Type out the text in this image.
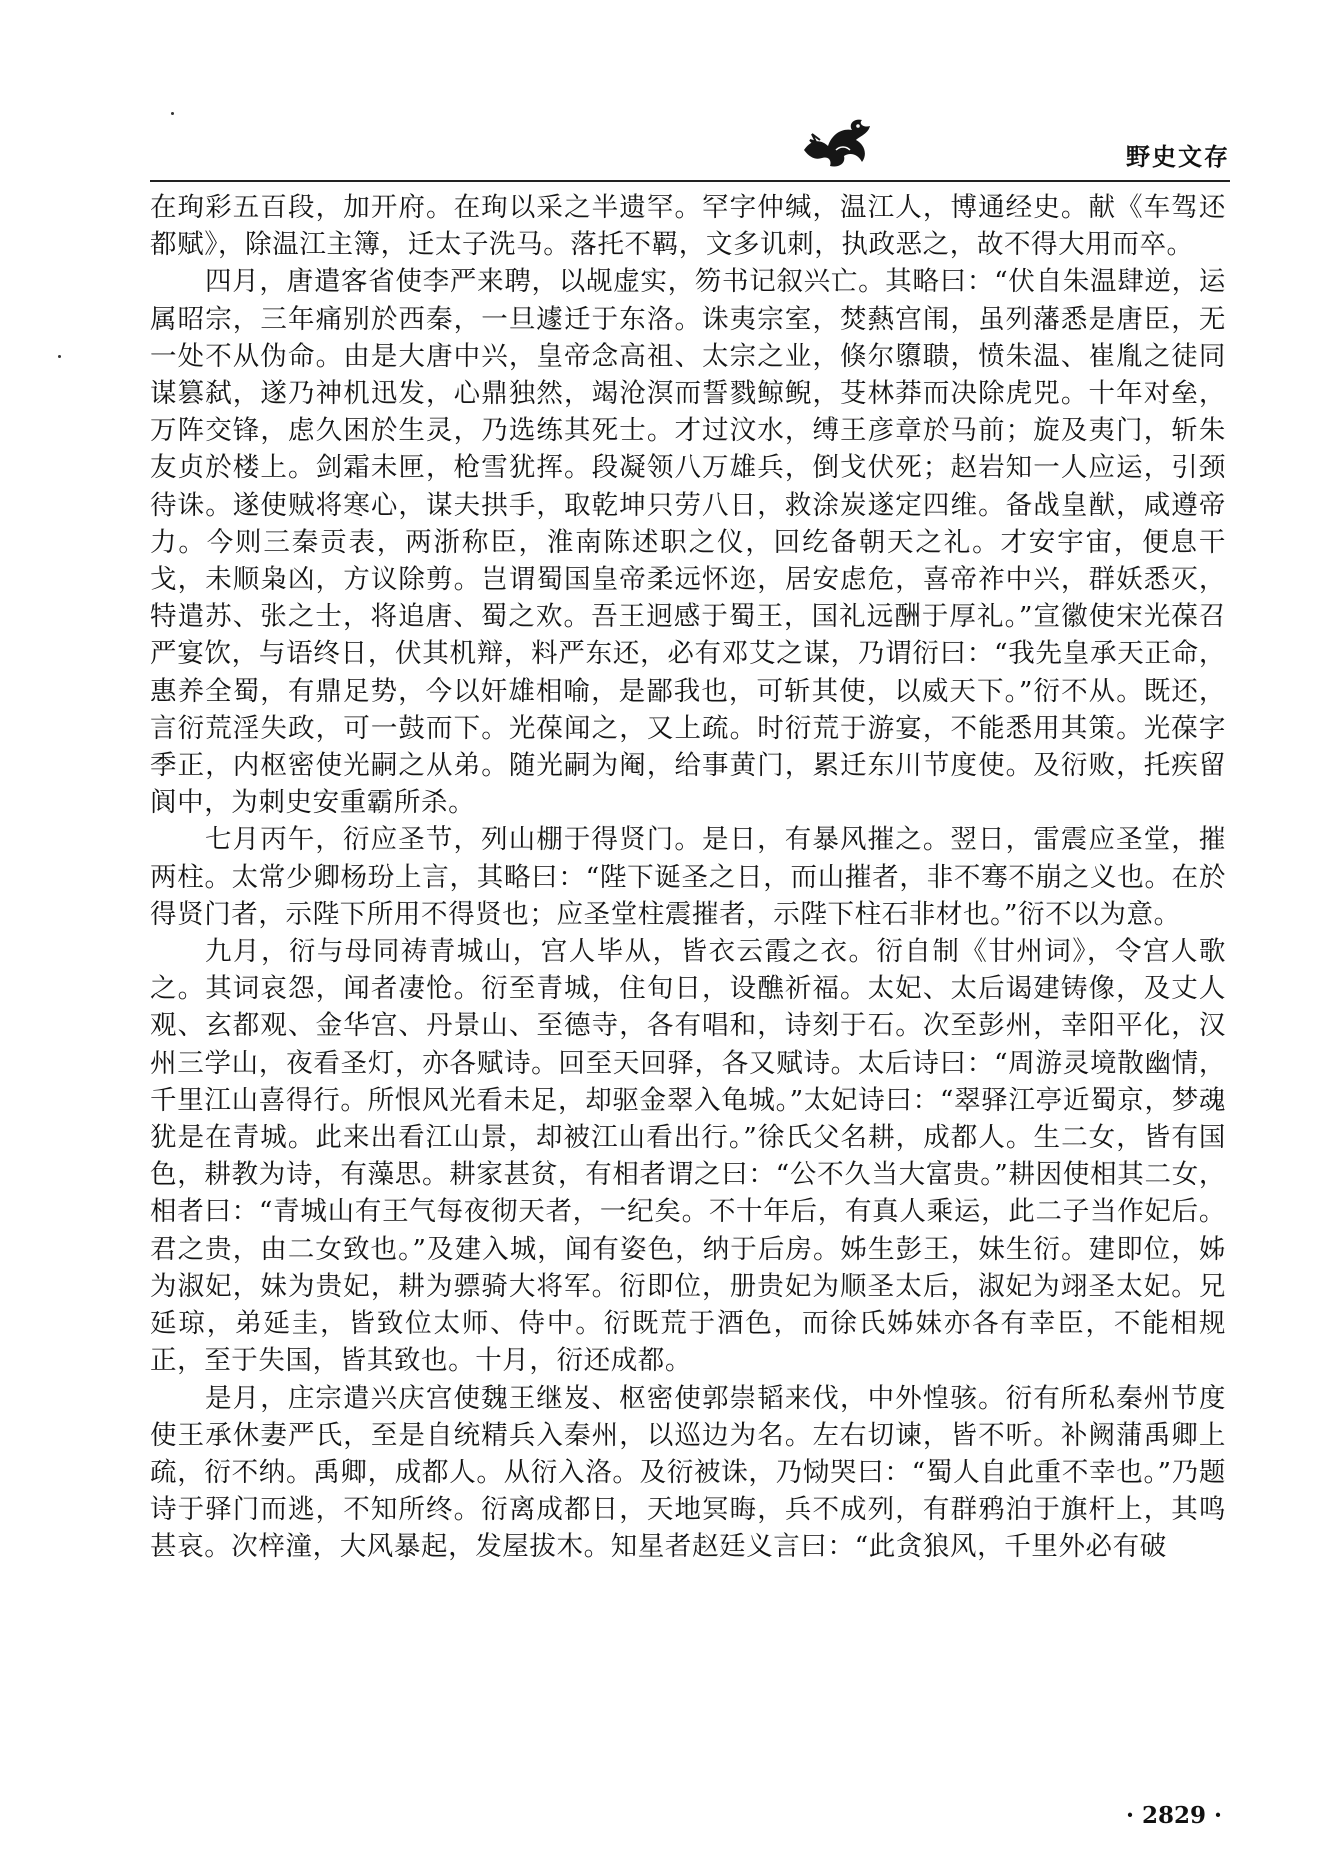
野史文存

在珣彩五百段，加开府。在珣以采之半遗罕。罕字仲缄，温江人，博通经史。献《车驾还都赋》，除温江主簿，迁太子洗马。落托不羁，文多讥刺，执政恶之，故不得大用而卒。

四月，唐遣客省使李严来聘，以觇虚实，笏书记叙兴亡。其略曰：“伏自朱温肆逆，运属昭宗，三年痛别於西秦，一旦遽迁于东洛。诛夷宗室，焚爇宫闱，虽列藩悉是唐臣，无一处不从伪命。由是大唐中兴，皇帝念高祖、太宗之业，倏尔隳聩，愤朱温、崔胤之徒同谋篡弑，遂乃神机迅发，心鼎独然，竭沧溟而誓戮鲸鲵，芟林莽而决除虎兕。十年对垒，万阵交锋，虑久困於生灵，乃选练其死士。才过汶水，缚王彦章於马前；旋及夷门，斩朱友贞於楼上。剑霜未匣，枪雪犹挥。段凝领八万雄兵，倒戈伏死；赵岩知一人应运，引颈待诛。遂使贼将寒心，谋夫拱手，取乾坤只劳八日，救涂炭遂定四维。备战皇猷，咸遵帝力。今则三秦贡表，两浙称臣，淮南陈述职之仪，回纥备朝天之礼。才安宇宙，便息干戈，未顺枭凶，方议除剪。岂谓蜀国皇帝柔远怀迩，居安虑危，喜帝祚中兴，群妖悉灭，特遣苏、张之士，将追唐、蜀之欢。吾王迥感于蜀王，国礼远酬于厚礼。”宣徽使宋光葆召严宴饮，与语终日，伏其机辩，料严东还，必有邓艾之谋，乃谓衍曰：“我先皇承天正命，惠养全蜀，有鼎足势，今以奸雄相喻，是鄙我也，可斩其使，以威天下。”衍不从。既还，言衍荒淫失政，可一鼓而下。光葆闻之，又上疏。时衍荒于游宴，不能悉用其策。光葆字季正，内枢密使光嗣之从弟。随光嗣为阉，给事黄门，累迁东川节度使。及衍败，托疾留阆中，为刺史安重霸所杀。

七月丙午，衍应圣节，列山棚于得贤门。是日，有暴风摧之。翌日，雷震应圣堂，摧两柱。太常少卿杨玢上言，其略曰：“陛下诞圣之日，而山摧者，非不骞不崩之义也。在於得贤门者，示陛下所用不得贤也；应圣堂柱震摧者，示陛下柱石非材也。”衍不以为意。

九月，衍与母同祷青城山，宫人毕从，皆衣云霞之衣。衍自制《甘州词》，令宫人歌之。其词哀怨，闻者凄怆。衍至青城，住旬日，设醮祈福。太妃、太后谒建铸像，及丈人观、玄都观、金华宫、丹景山、至德寺，各有唱和，诗刻于石。次至彭州，幸阳平化，汉州三学山，夜看圣灯，亦各赋诗。回至天回驿，各又赋诗。太后诗曰：“周游灵境散幽情，千里江山喜得行。所恨风光看未足，却驱金翠入龟城。”太妃诗曰：“翠驿江亭近蜀京，梦魂犹是在青城。此来出看江山景，却被江山看出行。”徐氏父名耕，成都人。生二女，皆有国色，耕教为诗，有藻思。耕家甚贫，有相者谓之曰：“公不久当大富贵。”耕因使相其二女，相者曰：“青城山有王气每夜彻天者，一纪矣。不十年后，有真人乘运，此二子当作妃后。君之贵，由二女致也。”及建入城，闻有姿色，纳于后房。姊生彭王，妹生衍。建即位，姊为淑妃，妹为贵妃，耕为骠骑大将军。衍即位，册贵妃为顺圣太后，淑妃为翊圣太妃。兄延琼，弟延圭，皆致位太师、侍中。衍既荒于酒色，而徐氏姊妹亦各有幸臣，不能相规正，至于失国，皆其致也。十月，衍还成都。

是月，庄宗遣兴庆宫使魏王继岌、枢密使郭崇韬来伐，中外惶骇。衍有所私秦州节度使王承休妻严氏，至是自统精兵入秦州，以巡边为名。左右切谏，皆不听。补阙蒲禹卿上疏，衍不纳。禹卿，成都人。从衍入洛。及衍被诛，乃恸哭曰：“蜀人自此重不幸也。”乃题诗于驿门而逃，不知所终。衍离成都日，天地冥晦，兵不成列，有群鸦泊于旗杆上，其鸣甚哀。次梓潼，大风暴起，发屋拔木。知星者赵廷义言曰：“此贪狼风，千里外必有破

· 2829 ·
